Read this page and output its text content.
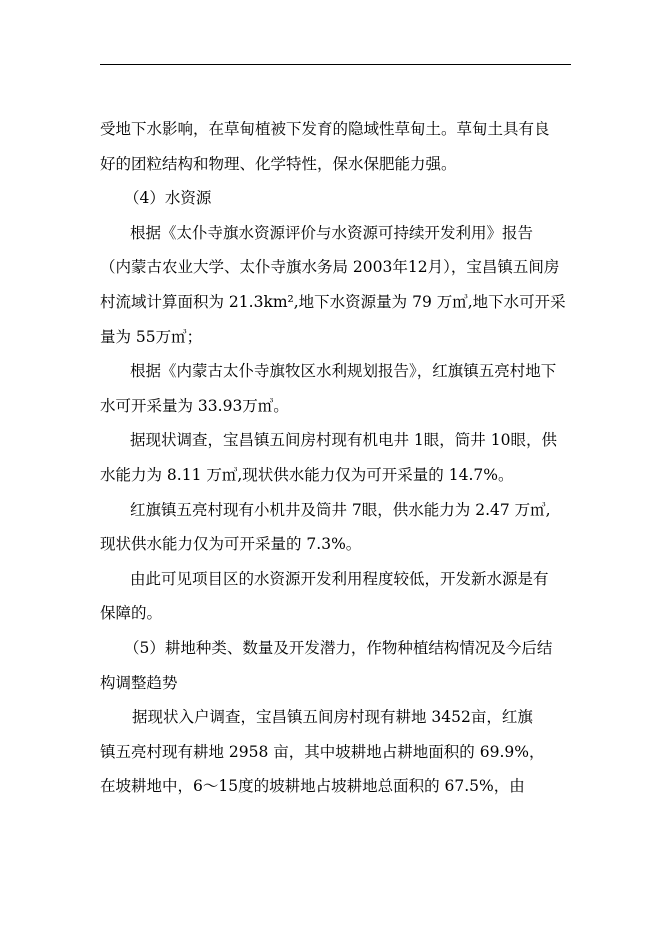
受地下水影响，在草甸植被下发育的隐域性草甸土。草甸土具有良

好的团粒结构和物理、化学特性，保水保肥能力强。

（4）水资源

根据《太仆寺旗水资源评价与水资源可持续开发利用》报告

（内蒙古农业大学、太仆寺旗水务局 2003年12月），宝昌镇五间房

村流域计算面积为 21.3km²,地下水资源量为 79 万㎥,地下水可开采

量为 55万㎥；

根据《内蒙古太仆寺旗牧区水利规划报告》，红旗镇五亮村地下

水可开采量为 33.93万㎥。

据现状调查，宝昌镇五间房村现有机电井 1眼，筒井 10眼，供

水能力为 8.11 万㎥,现状供水能力仅为可开采量的 14.7%。

红旗镇五亮村现有小机井及筒井 7眼，供水能力为 2.47 万㎥,

现状供水能力仅为可开采量的 7.3%。

由此可见项目区的水资源开发利用程度较低，开发新水源是有

保障的。

（5）耕地种类、数量及开发潜力，作物种植结构情况及今后结

构调整趋势

据现状入户调查，宝昌镇五间房村现有耕地 3452亩，红旗

镇五亮村现有耕地 2958 亩，其中坡耕地占耕地面积的 69.9%，

在坡耕地中，6～15度的坡耕地占坡耕地总面积的 67.5%，由
